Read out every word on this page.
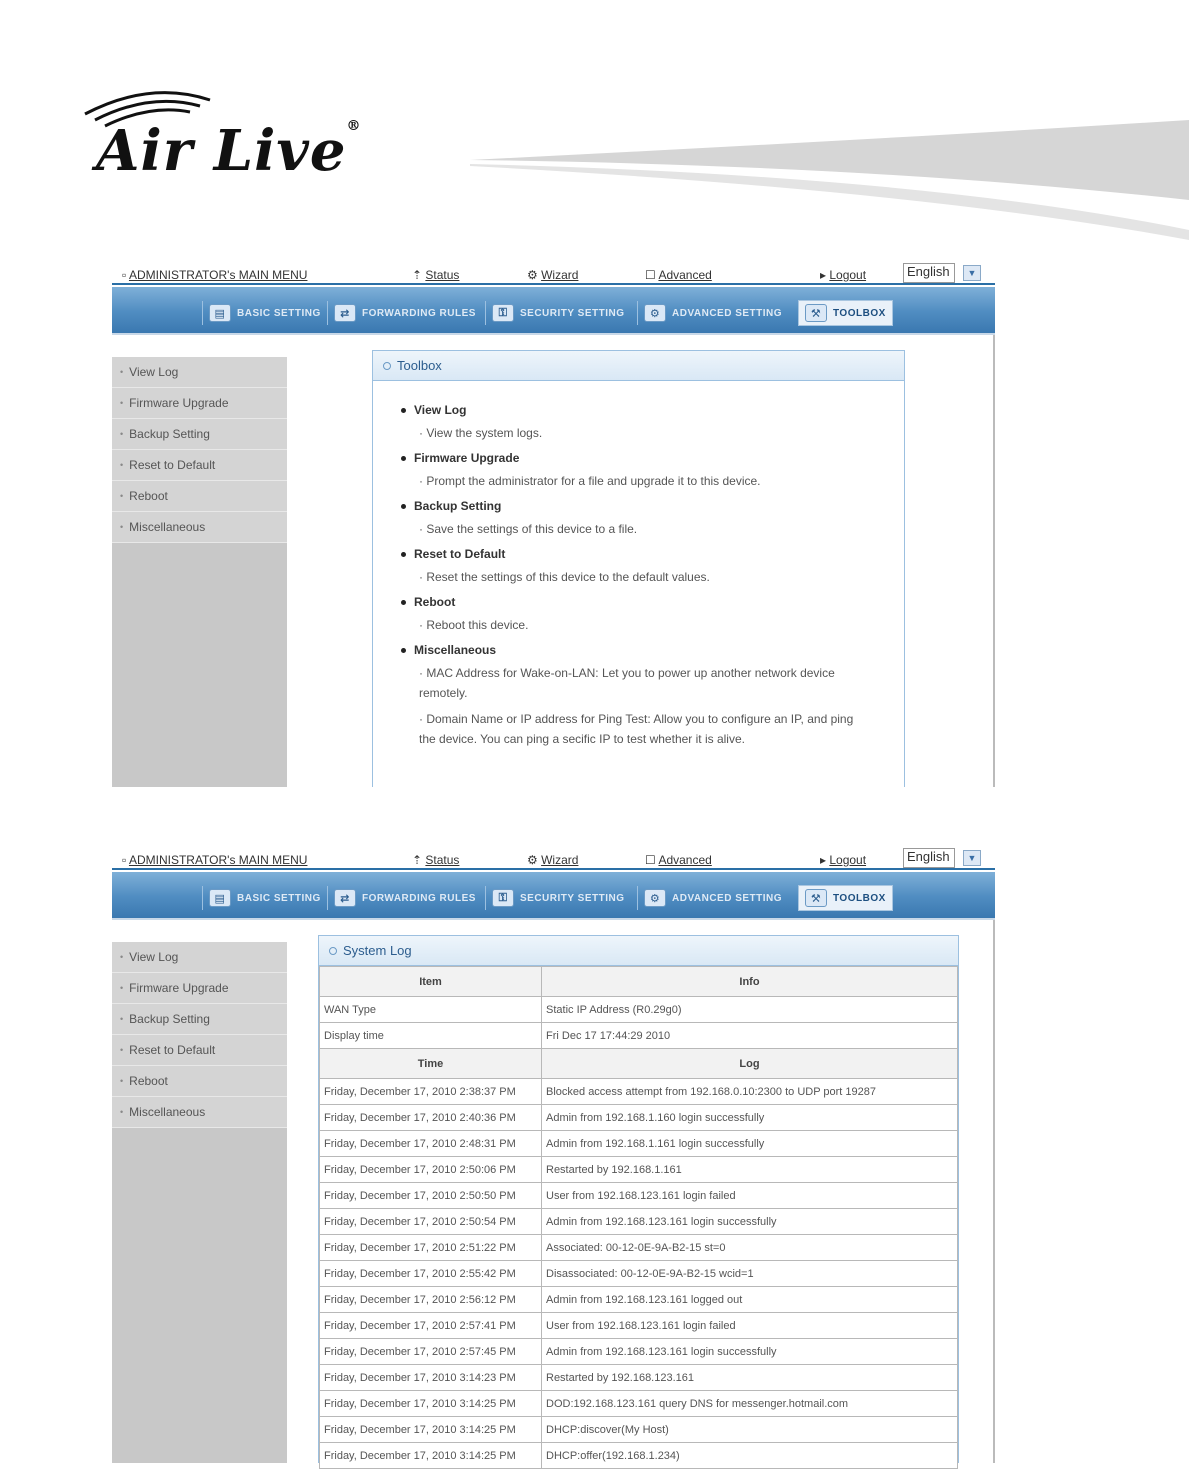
Air Live®
▫ ADMINISTRATOR's MAIN MENU	⇡ Status	⚙ Wizard	☐ Advanced	▸ Logout	English	▼
▤	BASIC SETTING	⇄	FORWARDING RULES	⚿	SECURITY SETTING	⚙	ADVANCED SETTING	⚒	TOOLBOX
• View Log
• Firmware Upgrade
• Backup Setting
• Reset to Default
• Reboot
• Miscellaneous
Toolbox
View Log
· View the system logs.
Firmware Upgrade
· Prompt the administrator for a file and upgrade it to this device.
Backup Setting
· Save the settings of this device to a file.
Reset to Default
· Reset the settings of this device to the default values.
Reboot
· Reboot this device.
Miscellaneous
· MAC Address for Wake-on-LAN: Let you to power up another network device remotely.
· Domain Name or IP address for Ping Test: Allow you to configure an IP, and ping the device. You can ping a secific IP to test whether it is alive.
▫ ADMINISTRATOR's MAIN MENU	⇡ Status	⚙ Wizard	☐ Advanced	▸ Logout	English	▼
▤	BASIC SETTING	⇄	FORWARDING RULES	⚿	SECURITY SETTING	⚙	ADVANCED SETTING	⚒	TOOLBOX
• View Log
• Firmware Upgrade
• Backup Setting
• Reset to Default
• Reboot
• Miscellaneous
System Log
Item	Info
WAN Type	Static IP Address (R0.29g0)
Display time	Fri Dec 17 17:44:29 2010
Time	Log
Friday, December 17, 2010 2:38:37 PM	Blocked access attempt from 192.168.0.10:2300 to UDP port 19287
Friday, December 17, 2010 2:40:36 PM	Admin from 192.168.1.160 login successfully
Friday, December 17, 2010 2:48:31 PM	Admin from 192.168.1.161 login successfully
Friday, December 17, 2010 2:50:06 PM	Restarted by 192.168.1.161
Friday, December 17, 2010 2:50:50 PM	User from 192.168.123.161 login failed
Friday, December 17, 2010 2:50:54 PM	Admin from 192.168.123.161 login successfully
Friday, December 17, 2010 2:51:22 PM	Associated: 00-12-0E-9A-B2-15 st=0
Friday, December 17, 2010 2:55:42 PM	Disassociated: 00-12-0E-9A-B2-15 wcid=1
Friday, December 17, 2010 2:56:12 PM	Admin from 192.168.123.161 logged out
Friday, December 17, 2010 2:57:41 PM	User from 192.168.123.161 login failed
Friday, December 17, 2010 2:57:45 PM	Admin from 192.168.123.161 login successfully
Friday, December 17, 2010 3:14:23 PM	Restarted by 192.168.123.161
Friday, December 17, 2010 3:14:25 PM	DOD:192.168.123.161 query DNS for messenger.hotmail.com
Friday, December 17, 2010 3:14:25 PM	DHCP:discover(My Host)
Friday, December 17, 2010 3:14:25 PM	DHCP:offer(192.168.1.234)
